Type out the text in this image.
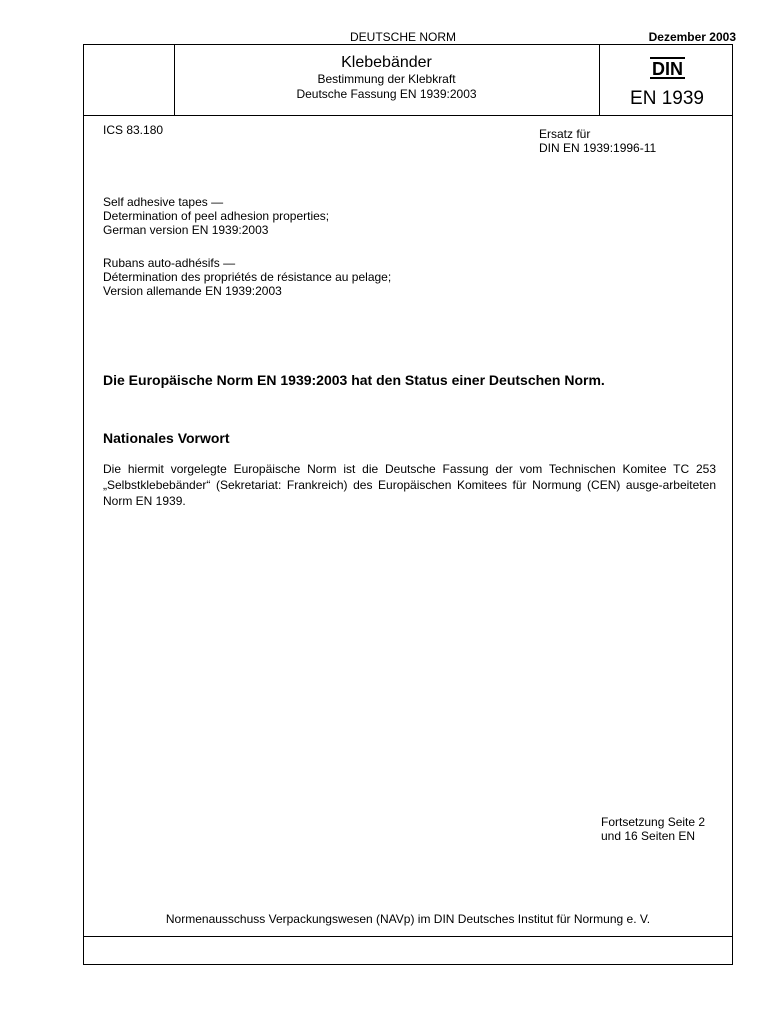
DEUTSCHE NORM	Dezember 2003
Klebebänder
Bestimmung der Klebkraft
Deutsche Fassung EN 1939:2003
DIN
EN 1939
ICS 83.180	Ersatz für
DIN EN 1939:1996-11
Self adhesive tapes —
Determination of peel adhesion properties;
German version EN 1939:2003
Rubans auto-adhésifs —
Détermination des propriétés de résistance au pelage;
Version allemande EN 1939:2003
Die Europäische Norm EN 1939:2003 hat den Status einer Deutschen Norm.
Nationales Vorwort
Die hiermit vorgelegte Europäische Norm ist die Deutsche Fassung der vom Technischen Komitee TC 253 „Selbstklebebänder“ (Sekretariat: Frankreich) des Europäischen Komitees für Normung (CEN) ausge-arbeiteten Norm EN 1939.
Fortsetzung Seite 2
und 16 Seiten EN
Normenausschuss Verpackungswesen (NAVp) im DIN Deutsches Institut für Normung e. V.
